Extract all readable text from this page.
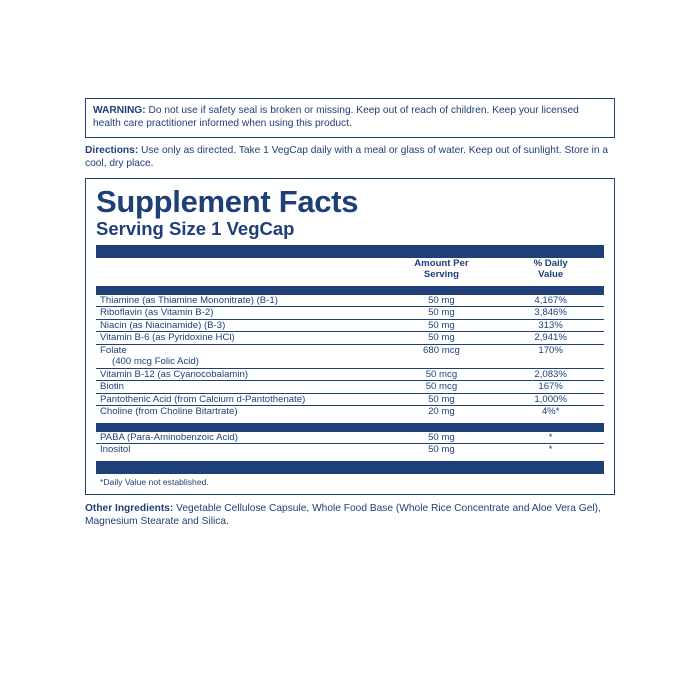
WARNING: Do not use if safety seal is broken or missing. Keep out of reach of children. Keep your licensed health care practitioner informed when using this product.
Directions: Use only as directed. Take 1 VegCap daily with a meal or glass of water. Keep out of sunlight. Store in a cool, dry place.
Supplement Facts
Serving Size 1 VegCap

Amount Per
Serving

% Daily
Value
Thiamine (as Thiamine Mononitrate) (B-1)	50 mg	4,167%
Riboflavin (as Vitamin B-2)	50 mg	3,846%
Niacin (as Niacinamide) (B-3)	50 mg	313%
Vitamin B-6 (as Pyridoxine HCl)	50 mg	2,941%
Folate	680 mcg	170%
(400 mcg Folic Acid)		
Vitamin B-12 (as Cyanocobalamin)	50 mcg	2,083%
Biotin	50 mcg	167%
Pantothenic Acid (from Calcium d-Pantothenate)	50 mg	1,000%
Choline (from Choline Bitartrate)	20 mg	4%*
PABA (Para-Aminobenzoic Acid)	50 mg	*
Inositol	50 mg	*
*Daily Value not established.
Other Ingredients: Vegetable Cellulose Capsule, Whole Food Base (Whole Rice Concentrate and Aloe Vera Gel), Magnesium Stearate and Silica.
